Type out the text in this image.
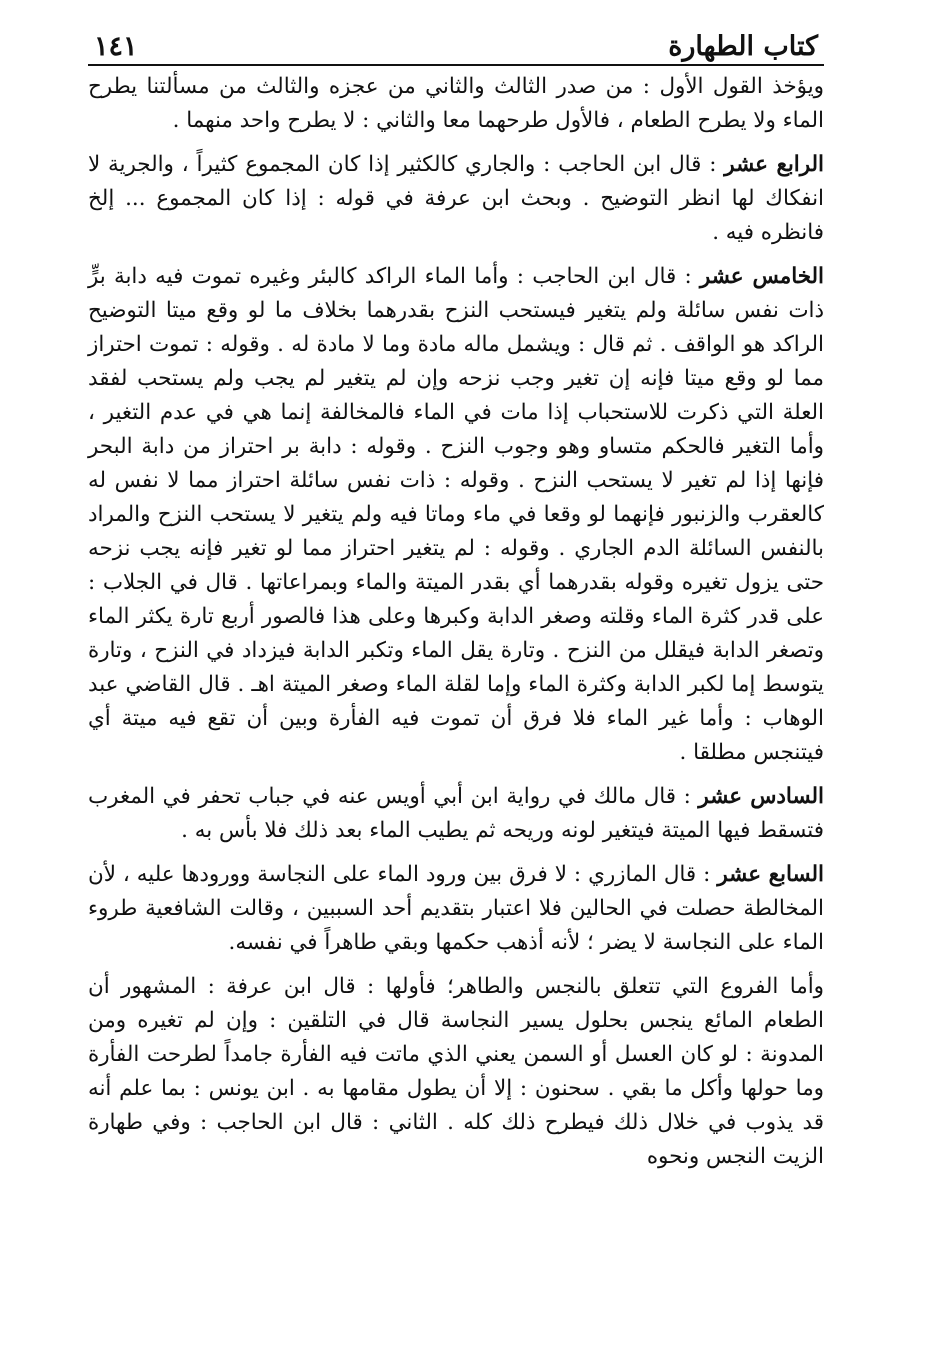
كتاب الطهارة
١٤١

ويؤخذ القول الأول : من صدر الثالث والثاني من عجزه والثالث من مسألتنا يطرح الماء ولا يطرح الطعام ، فالأول طرحهما معا والثاني : لا يطرح واحد منهما .

الرابع عشر : قال ابن الحاجب : والجاري كالكثير إذا كان المجموع كثيراً ، والجرية لا انفكاك لها انظر التوضيح . وبحث ابن عرفة في قوله : إذا كان المجموع ... إلخ فانظره فيه .

الخامس عشر : قال ابن الحاجب : وأما الماء الراكد كالبئر وغيره تموت فيه دابة برٍّ ذات نفس سائلة ولم يتغير فيستحب النزح بقدرهما بخلاف ما لو وقع ميتا التوضيح الراكد هو الواقف . ثم قال : ويشمل ماله مادة وما لا مادة له . وقوله : تموت احتراز مما لو وقع ميتا فإنه إن تغير وجب نزحه وإن لم يتغير لم يجب ولم يستحب لفقد العلة التي ذكرت للاستحباب إذا مات في الماء فالمخالفة إنما هي في عدم التغير ، وأما التغير فالحكم متساو وهو وجوب النزح . وقوله : دابة بر احتراز من دابة البحر فإنها إذا لم تغير لا يستحب النزح . وقوله : ذات نفس سائلة احتراز مما لا نفس له كالعقرب والزنبور فإنهما لو وقعا في ماء وماتا فيه ولم يتغير لا يستحب النزح والمراد بالنفس السائلة الدم الجاري . وقوله : لم يتغير احتراز مما لو تغير فإنه يجب نزحه حتى يزول تغيره وقوله بقدرهما أي بقدر الميتة والماء وبمراعاتها . قال في الجلاب : على قدر كثرة الماء وقلته وصغر الدابة وكبرها وعلى هذا فالصور أربع تارة يكثر الماء وتصغر الدابة فيقلل من النزح . وتارة يقل الماء وتكبر الدابة فيزداد في النزح ، وتارة يتوسط إما لكبر الدابة وكثرة الماء وإما لقلة الماء وصغر الميتة اهـ . قال القاضي عبد الوهاب : وأما غير الماء فلا فرق أن تموت فيه الفأرة وبين أن تقع فيه ميتة أي فيتنجس مطلقا .

السادس عشر : قال مالك في رواية ابن أبي أويس عنه في جباب تحفر في المغرب فتسقط فيها الميتة فيتغير لونه وريحه ثم يطيب الماء بعد ذلك فلا بأس به .

السابع عشر : قال المازري : لا فرق بين ورود الماء على النجاسة وورودها عليه ، لأن المخالطة حصلت في الحالين فلا اعتبار بتقديم أحد السببين ، وقالت الشافعية طروء الماء على النجاسة لا يضر ؛ لأنه أذهب حكمها وبقي طاهراً في نفسه.

وأما الفروع التي تتعلق بالنجس والطاهر؛ فأولها : قال ابن عرفة : المشهور أن الطعام المائع ينجس بحلول يسير النجاسة قال في التلقين : وإن لم تغيره ومن المدونة : لو كان العسل أو السمن يعني الذي ماتت فيه الفأرة جامداً لطرحت الفأرة وما حولها وأكل ما بقي . سحنون : إلا أن يطول مقامها به . ابن يونس : بما علم أنه قد يذوب في خلال ذلك فيطرح ذلك كله . الثاني : قال ابن الحاجب : وفي طهارة الزيت النجس ونحوه
